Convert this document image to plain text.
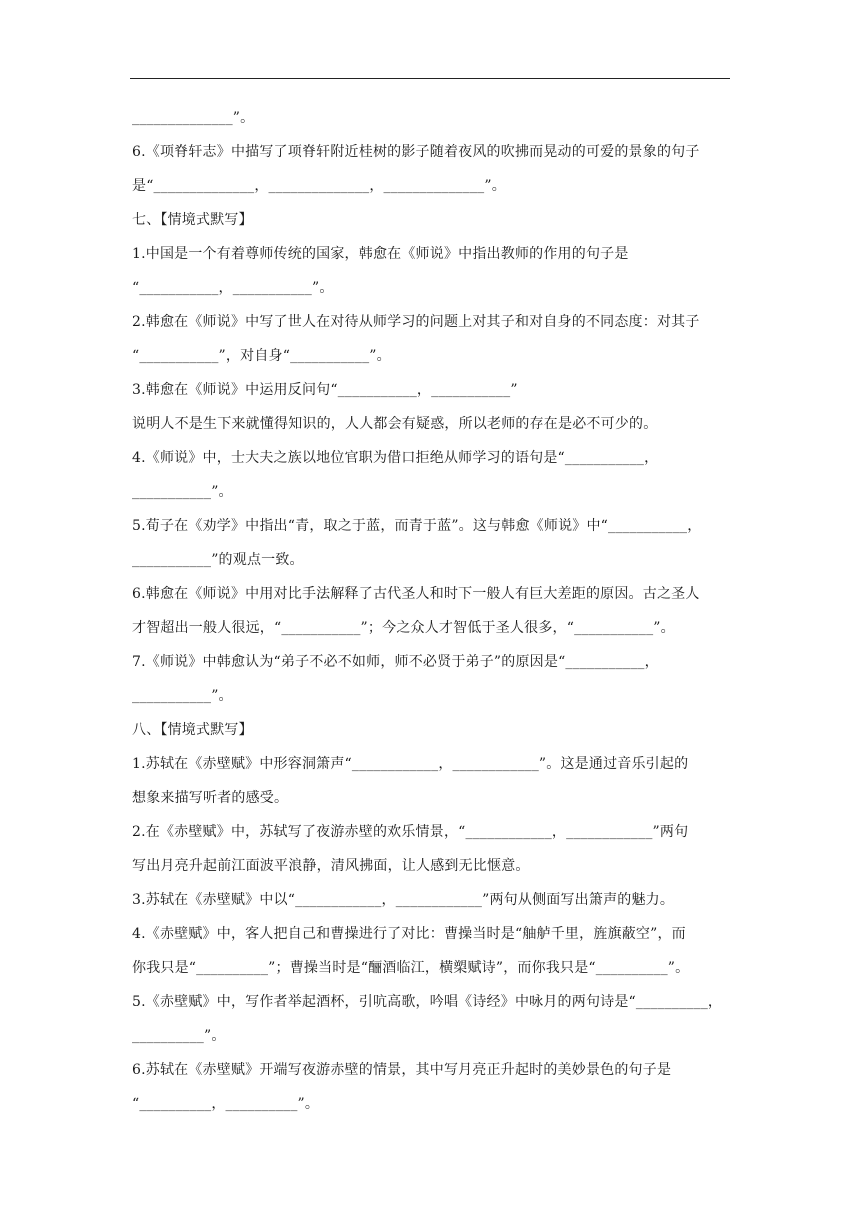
______________”。
6.《项脊轩志》中描写了项脊轩附近桂树的影子随着夜风的吹拂而晃动的可爱的景象的句子
是“______________，______________，______________”。
七、【情境式默写】
1.中国是一个有着尊师传统的国家，韩愈在《师说》中指出教师的作用的句子是
“___________，___________”。
2.韩愈在《师说》中写了世人在对待从师学习的问题上对其子和对自身的不同态度：对其子
“___________”，对自身“___________”。
3.韩愈在《师说》中运用反问句“___________，___________”
说明人不是生下来就懂得知识的，人人都会有疑惑，所以老师的存在是必不可少的。
4.《师说》中，士大夫之族以地位官职为借口拒绝从师学习的语句是“___________，
___________”。
5.荀子在《劝学》中指出“青，取之于蓝，而青于蓝”。这与韩愈《师说》中“___________，
___________”的观点一致。
6.韩愈在《师说》中用对比手法解释了古代圣人和时下一般人有巨大差距的原因。古之圣人
才智超出一般人很远，“___________”；今之众人才智低于圣人很多，“___________”。
7.《师说》中韩愈认为“弟子不必不如师，师不必贤于弟子”的原因是“___________，
___________”。
八、【情境式默写】
1.苏轼在《赤壁赋》中形容洞箫声“____________，____________”。这是通过音乐引起的
想象来描写听者的感受。
2.在《赤壁赋》中，苏轼写了夜游赤壁的欢乐情景，“____________，____________”两句
写出月亮升起前江面波平浪静，清风拂面，让人感到无比惬意。
3.苏轼在《赤壁赋》中以“____________，____________”两句从侧面写出箫声的魅力。
4.《赤壁赋》中，客人把自己和曹操进行了对比：曹操当时是“舳舻千里，旌旗蔽空”，而
你我只是“__________”；曹操当时是“酾酒临江，横槊赋诗”，而你我只是“__________”。
5.《赤壁赋》中，写作者举起酒杯，引吭高歌，吟唱《诗经》中咏月的两句诗是“__________，
__________”。
6.苏轼在《赤壁赋》开端写夜游赤壁的情景，其中写月亮正升起时的美妙景色的句子是
“__________，__________”。
